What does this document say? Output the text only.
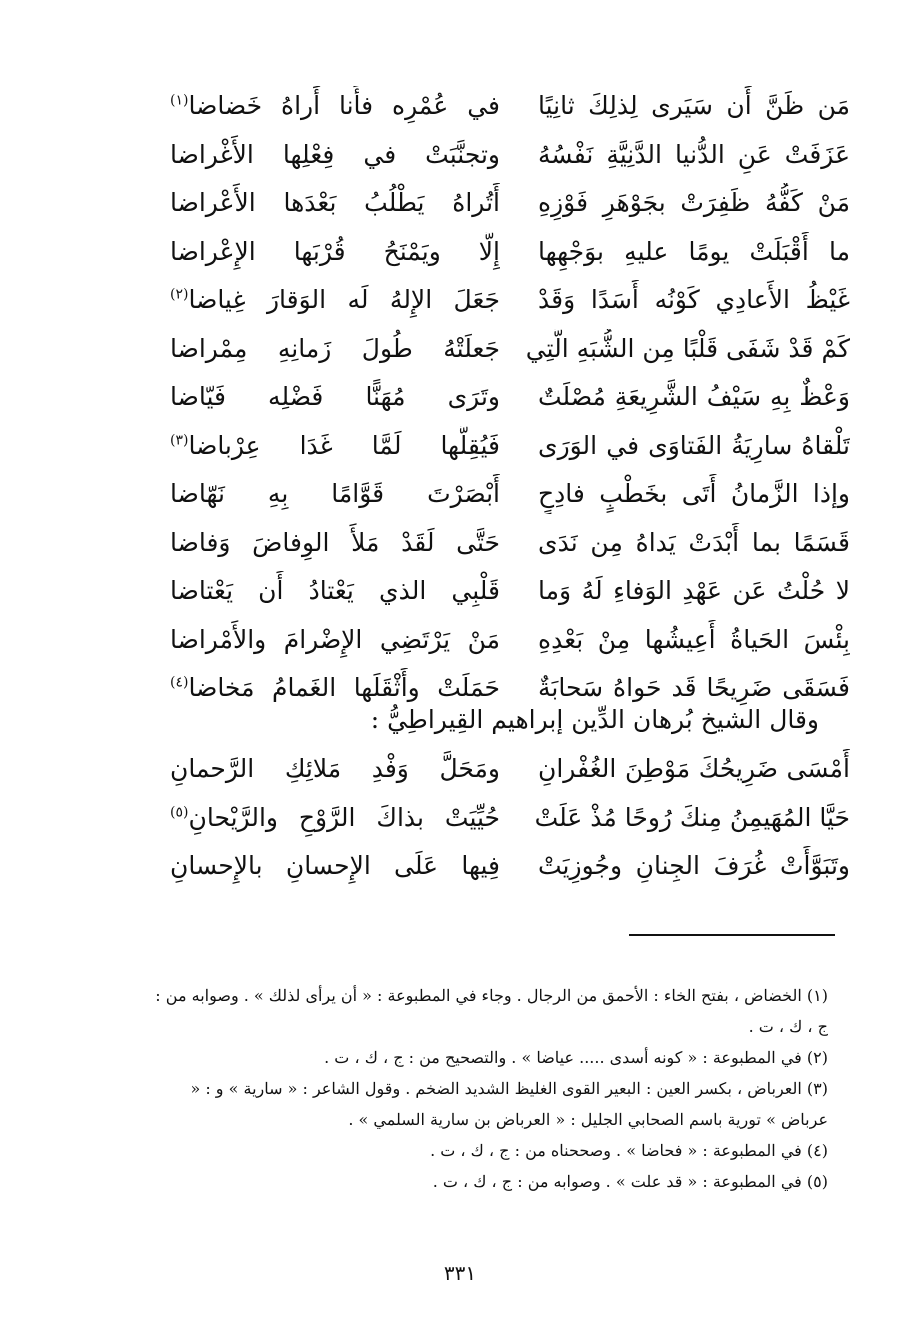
مَن ظَنَّ أَن سَيَرى لِذلِكَ ثانِيًا
في عُمْرِه فأَنا أَراهُ خَضاضا$^{(١)}$
عَزَفَتْ عَنِ الدُّنيا الدَّنِيَّةِ نَفْسُهُ
وتجنَّبَتْ في فِعْلِها الأَغْراضا
مَنْ كَفُّهُ ظَفِرَتْ بجَوْهَرِ فَوْزِهِ
أَتُراهُ يَطْلُبُ بَعْدَها الأَعْراضا
ما أَقْبَلَتْ يومًا عليهِ بوَجْهِها
إِلَّا ويَمْنَحُ قُرْبَها الإِعْراضا
غَيْظُ الأَعادِي كَوْنُه أَسَدًا وَقَدْ
جَعَلَ الإِلهُ لَه الوَقارَ غِياضا$^{(٢)}$
كَمْ قَدْ شَفَى قَلْبًا مِن الشُّبَهِ الَّتِي
جَعلَتْهُ طُولَ زَمانِهِ مِمْراضا
وَعْظٌ بِهِ سَيْفُ الشَّرِيعَةِ مُصْلَتٌ
وتَرَى مُهَنًّا فَضْلِه فَيّاضا
تَلْقاهُ سارِيَةُ الفَتاوَى في الوَرَى
فَيُقِلُّها لَمَّا غَدَا عِرْباضا$^{(٣)}$
وإذا الزَّمانُ أَتَى بخَطْبٍ فادِحٍ
أَبْصَرْتَ قَوَّامًا بِهِ نَهّاضا
قَسَمًا بما أَبْدَتْ يَداهُ مِن نَدَى
حَتَّى لَقَدْ مَلأَ الوِفاضَ وَفاضا
لا حُلْتُ عَن عَهْدِ الوَفاءِ لَهُ وَما
قَلْبِي الذي يَعْتادُ أَن يَعْتاضا
بِئْسَ الحَياةُ أَعِيشُها مِنْ بَعْدِهِ
مَنْ يَرْتَضِي الإِضْرامَ والأَمْراضا
فَسَقَى ضَرِيحًا قَد حَواهُ سَحابَةٌ
حَمَلَتْ وأَثْقَلَها الغَمامُ مَخاضا$^{(٤)}$
وقال الشيخ بُرهان الدِّين إبراهيم القِيراطِيُّ :
أَمْسَى ضَرِيحُكَ مَوْطِنَ الغُفْرانِ
ومَحَلَّ وَفْدِ مَلائِكِ الرَّحمانِ
حَيَّا المُهَيمِنُ مِنكَ رُوحًا مُذْ عَلَتْ
حُيِّيَتْ بذاكَ الرَّوْحِ والرَّيْحانِ$^{(٥)}$
وتَبَوَّأَتْ غُرَفَ الجِنانِ وجُوزِيَتْ
فِيها عَلَى الإِحسانِ بالإِحسانِ

(١) الخضاض ، بفتح الخاء : الأحمق من الرجال . وجاء في المطبوعة : « أن يرأى لذلك » . وصوابه من : ج ، ك ، ت .

(٢) في المطبوعة : « كونه أسدى ..... عياضا » . والتصحيح من : ج ، ك ، ت .

(٣) العرباض ، بكسر العين : البعير القوى الغليظ الشديد الضخم . وقول الشاعر : « سارية » و : « عرباض » تورية باسم الصحابي الجليل : « العرباض بن سارية السلمي » .

(٤) في المطبوعة : « فحاضا » . وصححناه من : ج ، ك ، ت .

(٥) في المطبوعة : « قد علت » . وصوابه من : ج ، ك ، ت .

٣٣١
